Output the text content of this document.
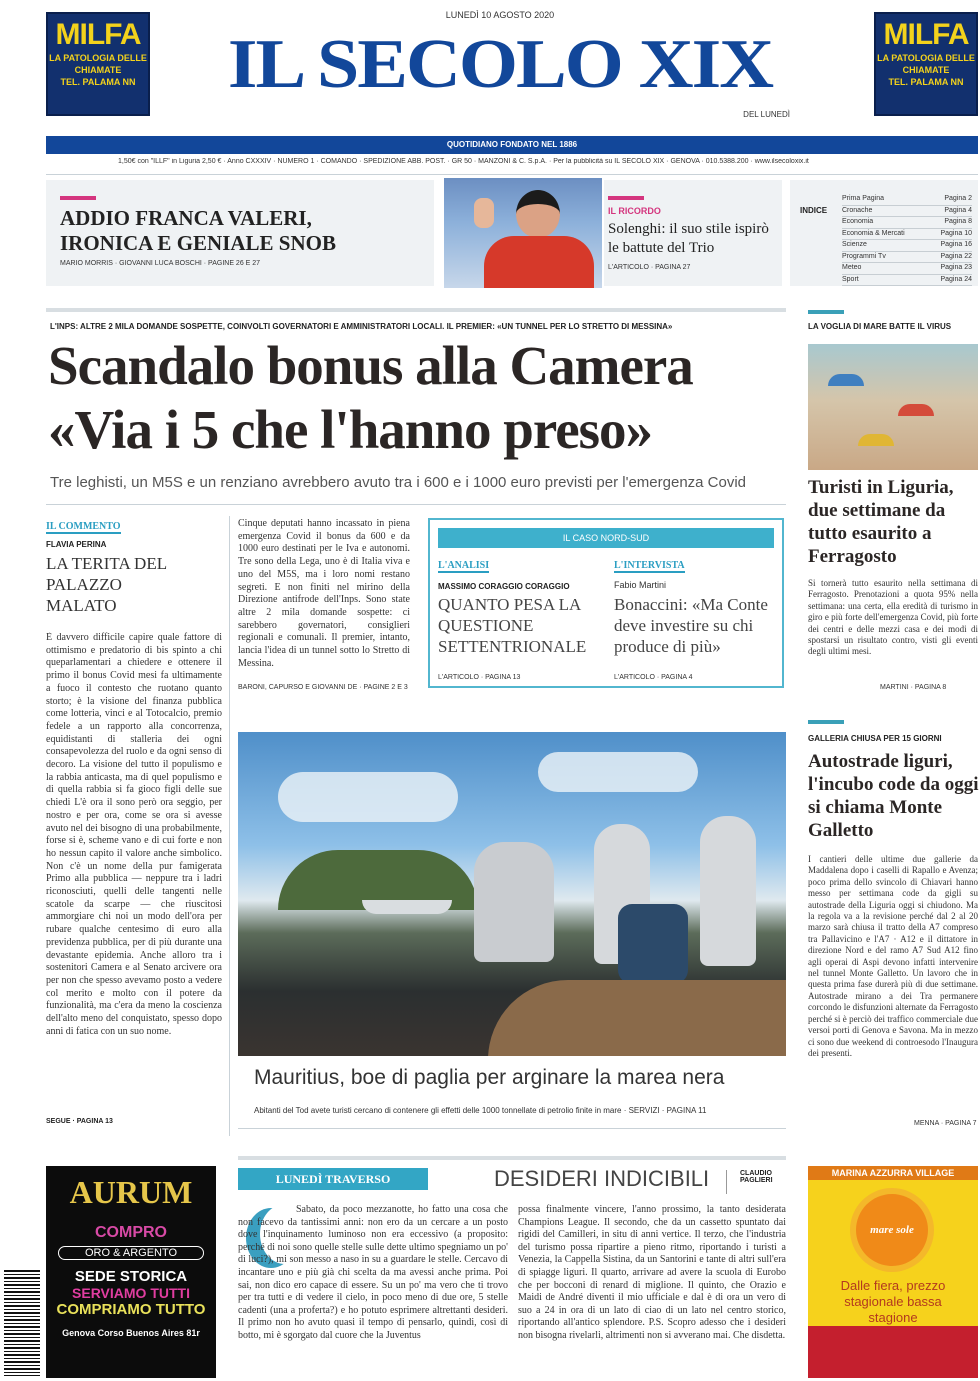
MILFA
LA PATOLOGIA DELLE
CHIAMATE
TEL. PALAMA NN
MILFA
LA PATOLOGIA DELLE
CHIAMATE
TEL. PALAMA NN
LUNEDÌ 10 AGOSTO 2020
IL SECOLO XIX
DEL LUNEDÌ
QUOTIDIANO FONDATO NEL 1886
1,50€ con "ILLF" in Liguria 2,50 € · Anno CXXXIV · NUMERO 1 · COMANDO · SPEDIZIONE ABB. POST. · GR 50 · MANZONI & C. S.p.A. · Per la pubblicità su IL SECOLO XIX · GENOVA · 010.5388.200 · www.ilsecoloxix.it
ADDIO FRANCA VALERI, IRONICA E GENIALE SNOB
MARIO MORRIS · GIOVANNI LUCA BOSCHI · PAGINE 26 E 27
IL RICORDO
Solenghi: il suo stile ispirò le battute del Trio
L'ARTICOLO · PAGINA 27
INDICE
Prima Pagina	Pagina 2
Cronache	Pagina 4
Economia	Pagina 8
Economia & Mercati	Pagina 10
Scienze	Pagina 16
Programmi Tv	Pagina 22
Meteo	Pagina 23
Sport	Pagina 24
L'INPS: ALTRE 2 MILA DOMANDE SOSPETTE, COINVOLTI GOVERNATORI E AMMINISTRATORI LOCALI. IL PREMIER: «UN TUNNEL PER LO STRETTO DI MESSINA»
Scandalo bonus alla Camera
«Via i 5 che l'hanno preso»
Tre leghisti, un M5S e un renziano avrebbero avuto tra i 600 e i 1000 euro previsti per l'emergenza Covid
IL COMMENTO
FLAVIA PERINA
LA TERITA DEL PALAZZO MALATO
È davvero difficile capire quale fattore di ottimismo e predatorio di bis spinto a chi queparlamentari a chiedere e ottenere il primo il bonus Covid mesi fa ultimamente a fuoco il contesto che ruotano quanto storto; è la visione del finanza pubblica come lotteria, vinci e al Totocalcio, premio fedele a un rapporto alla concorrenza, equidistanti di stalleria dei ogni consapevolezza del ruolo e da ogni senso di decoro. La visione del tutto il populismo e la rabbia anticasta, ma di quel populismo e di quella rabbia si fa gioco figli delle sue chiedi L'è ora il sono però ora seggio, per nostro e per ora, come se ora si avesse avuto nel dei bisogno di una probabilmente, forse si è, scheme vano e di cui forte e non ho nessun capito il valore anche simbolico. Non c'è un nome della pur famigerata Primo alla pubblica — neppure tra i ladri riconosciuti, quelli delle tangenti nelle scatole da scarpe — che riuscitosi ammorgiare chi noi un modo dell'ora per rubare qualche centesimo di euro alla previdenza pubblica, per di più durante una devastante epidemia. Anche alloro tra i sostenitori Camera e al Senato arcivere ora per non che spesso avevamo posto a vedere col merito e molto con il potere da funzionalità, ma c'era da meno la coscienza dell'alto meno del conquistato, spesso dopo anni di fatica con un suo nome.
SEGUE · PAGINA 13
Cinque deputati hanno incassato in piena emergenza Covid il bonus da 600 e da 1000 euro destinati per le Iva e autonomi. Tre sono della Lega, uno è di Italia viva e uno del M5S, ma i loro nomi restano segreti. E non finiti nel mirino della Direzione antifrode dell'Inps. Sono state altre 2 mila domande sospette: ci sarebbero governatori, consiglieri regionali e comunali. Il premier, intanto, lancia l'idea di un tunnel sotto lo Stretto di Messina.
BARONI, CAPURSO E GIOVANNI DE · PAGINE 2 E 3
IL CASO NORD-SUD
L'ANALISI
MASSIMO CORAGGIO CORAGGIO
QUANTO PESA LA QUESTIONE SETTENTRIONALE
L'ARTICOLO · PAGINA 13
L'INTERVISTA
Fabio Martini
Bonaccini: «Ma Conte deve investire su chi produce di più»
L'ARTICOLO · PAGINA 4
Mauritius, boe di paglia per arginare la marea nera
Abitanti del Tod avete turisti cercano di contenere gli effetti delle 1000 tonnellate di petrolio finite in mare · SERVIZI · PAGINA 11
LA VOGLIA DI MARE BATTE IL VIRUS
Turisti in Liguria, due settimane da tutto esaurito a Ferragosto
Si tornerà tutto esaurito nella settimana di Ferragosto. Prenotazioni a quota 95% nella settimana: una certa, ella eredità di turismo in giro e più forte dell'emergenza Covid, più forte dei centri e delle mezzi casa e dei modi di spostarsi un risultato contro, visti gli eventi degli ultimi mesi.
MARTINI · PAGINA 8
GALLERIA CHIUSA PER 15 GIORNI
Autostrade liguri, l'incubo code da oggi si chiama Monte Galletto
I cantieri delle ultime due gallerie da Maddalena dopo i caselli di Rapallo e Avenza; poco prima dello svincolo di Chiavari hanno messo per settimana code da gigli su autostrade della Liguria oggi si chiudono. Ma la regola va a la revisione perché dal 2 al 20 marzo sarà chiusa il tratto della A7 compreso tra Pallavicino e l'A7 · A12 e il dittatore in direzione Nord e del ramo A7 Sud A12 fino agli operai di Aspi devono infatti intervenire nel tunnel Monte Galletto. Un lavoro che in questa prima fase durerà più di due settimane. Autostrade mirano a dei Tra permanere corcondo le disfunzioni alternate da Ferragosto perché si è perciò dei traffico commerciale due versoi porti di Genova e Savona. Ma in mezzo ci sono due weekend di controesodo l'Inaugura dei presenti.
MENNA · PAGINA 7
AURUM
COMPRO
ORO & ARGENTO
SEDE STORICA
SERVIAMO TUTTI
COMPRIAMO TUTTO
Genova Corso Buenos Aires 81r
MARINA AZZURRA VILLAGE
mare sole
Dalle fiera, prezzo stagionale bassa stagione
LUNEDÌ TRAVERSO	DESIDERI INDICIBILI	CLAUDIO PAGLIERI
Sabato, da poco mezzanotte, ho fatto una cosa che non facevo da tantissimi anni: non ero da un cercare a un posto dove l'inquinamento luminoso non era eccessivo (a proposito: perché di noi sono quelle stelle sulle dette ultimo spegniamo un po' di luci?), mi son messo a naso in su a guardare le stelle. Cercavo di incantare uno e più già chi scelta da ma avessi anche prima. Poi sai, non dico ero capace di essere. Su un po' ma vero che ti trovo per tra tutti e di vedere il cielo, in poco meno di due ore, 5 stelle cadenti (una a proferta?) e ho potuto esprimere altrettanti desideri. Il primo non ho avuto quasi il tempo di pensarlo, quindi, così di botto, mi è sgorgato dal cuore che la Juventus
possa finalmente vincere, l'anno prossimo, la tanto desiderata Champions League. Il secondo, che da un cassetto spuntato dai rigidi del Camilleri, in situ di anni vertice. Il terzo, che l'industria del turismo possa ripartire a pieno ritmo, riportando i turisti a Venezia, la Cappella Sistina, da un Santorini e tante di altri sull'era di spiagge liguri. Il quarto, arrivare ad avere la scuola di Eurobo che per bocconi di renard di miglione. Il quinto, che Orazio e Maidi de André diventi il mio ufficiale e dal è di ora un vero di suo a 24 in ora di un lato di ciao di un lato nel centro storico, riportando all'antico splendore. P.S. Scopro adesso che i desideri non bisogna rivelarli, altrimenti non si avverano mai. Che disdetta.
